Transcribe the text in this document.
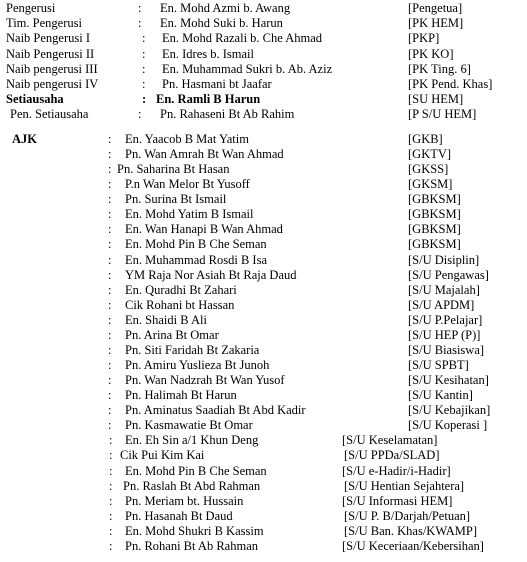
Pengerusi	: En. Mohd Azmi b. Awang	[Pengetua]
Tim. Pengerusi	: En. Mohd Suki b. Harun	[PK HEM]
Naib Pengerusi I	: En. Mohd Razali b. Che Ahmad	[PKP]
Naib Pengerusi II	: En. Idres b. Ismail	[PK KO]
Naib pengerusi III	: En. Muhammad Sukri b. Ab. Aziz	[PK Ting. 6]
Naib pengerusi IV	: Pn. Hasmani bt Jaafar	[PK Pend. Khas]
Setiausaha	: En. Ramli B Harun	[SU HEM]
Pen. Setiausaha	: Pn. Rahaseni Bt Ab Rahim	[P S/U HEM]
AJK	: En. Yaacob B Mat Yatim	[GKB]
: Pn. Wan Amrah Bt Wan Ahmad	[GKTV]
: Pn. Saharina Bt Hasan	[GKSS]
: P.n Wan Melor Bt Yusoff	[GKSM]
: Pn. Surina Bt Ismail	[GBKSM]
: En. Mohd Yatim B Ismail	[GBKSM]
: En. Wan Hanapi B Wan Ahmad	[GBKSM]
: En. Mohd Pin B Che Seman	[GBKSM]
: En. Muhammad Rosdi B Isa	[S/U Disiplin]
: YM Raja Nor Asiah Bt Raja Daud	[S/U Pengawas]
: En. Quradhi Bt Zahari	[S/U Majalah]
: Cik Rohani bt Hassan	[S/U APDM]
: En. Shaidi B Ali	[S/U P.Pelajar]
: Pn. Arina Bt Omar	[S/U HEP (P)]
: Pn. Siti Faridah Bt Zakaria	[S/U Biasiswa]
: Pn. Amiru Yuslieza Bt Junoh	[S/U SPBT]
: Pn. Wan Nadzrah Bt Wan Yusof	[S/U Kesihatan]
: Pn. Halimah Bt Harun	[S/U Kantin]
: Pn. Aminatus Saadiah Bt Abd Kadir	[S/U Kebajikan]
: Pn. Kasmawatie Bt Omar	[S/U Koperasi ]
: En. Eh Sin a/1 Khun Deng	[S/U Keselamatan]
: Cik Pui Kim Kai	[S/U PPDa/SLAD]
: En. Mohd Pin B Che Seman	[S/U e-Hadir/i-Hadir]
: Pn. Raslah Bt Abd Rahman	[S/U Hentian Sejahtera]
: Pn. Meriam bt. Hussain	[S/U Informasi HEM]
: Pn. Hasanah Bt Daud	[S/U P. B/Darjah/Petuan]
: En. Mohd Shukri B Kassim	[S/U Ban. Khas/KWAMP]
: Pn. Rohani Bt Ab Rahman	[S/U Keceriaan/Kebersihan]
